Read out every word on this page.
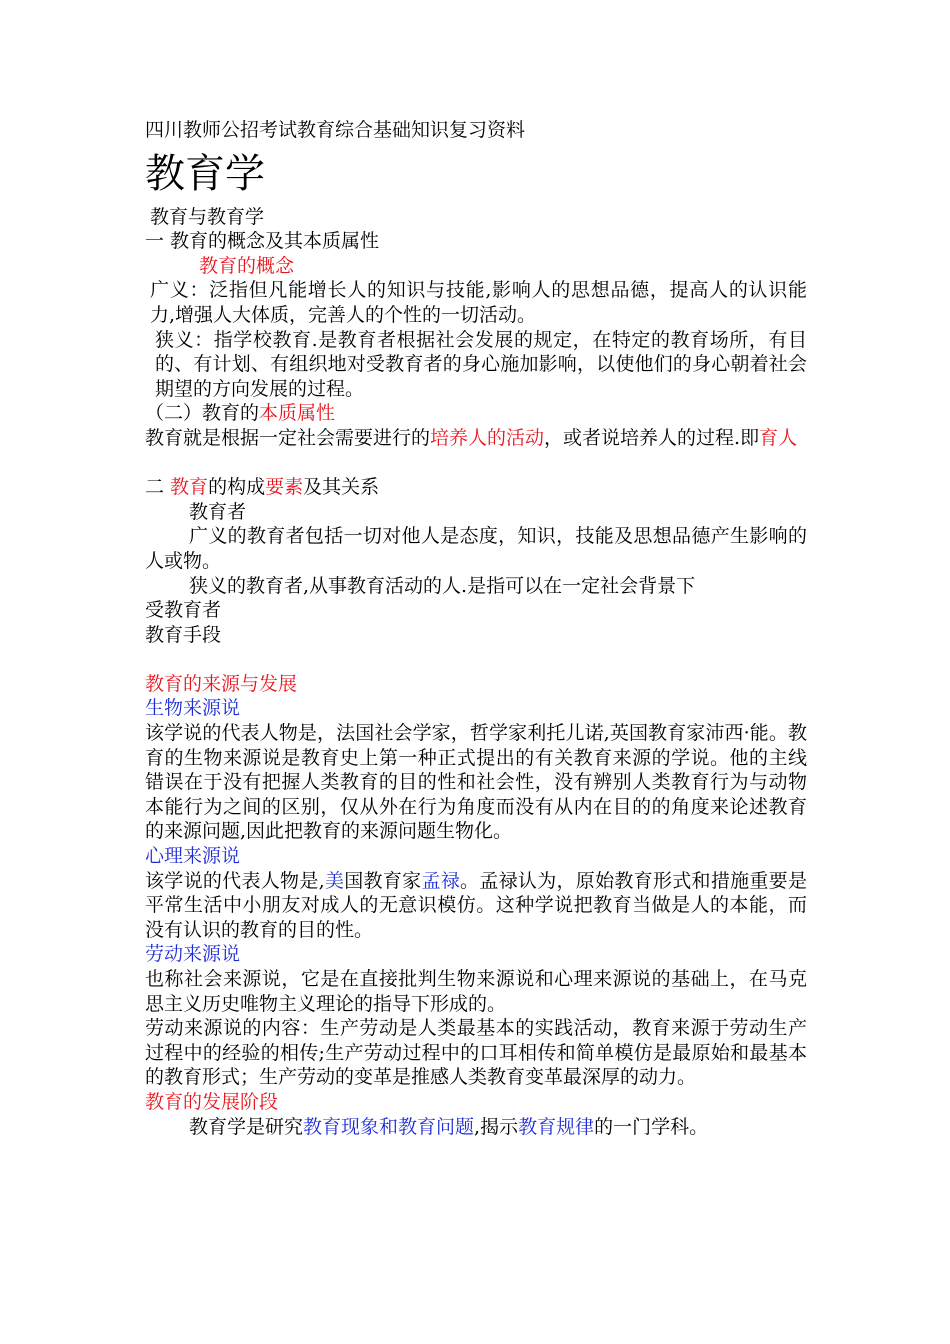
四川教师公招考试教育综合基础知识复习资料

教育学

教育与教育学

一 教育的概念及其本质属性

教育的概念

广义：泛指但凡能增长人的知识与技能,影响人的思想品德，提高人的认识能力,增强人大体质，完善人的个性的一切活动。

狭义：指学校教育.是教育者根据社会发展的规定，在特定的教育场所，有目的、有计划、有组织地对受教育者的身心施加影响，以使他们的身心朝着社会期望的方向发展的过程。

（二）教育的本质属性

教育就是根据一定社会需要进行的培养人的活动，或者说培养人的过程.即育人

二 教育的构成要素及其关系

教育者

广义的教育者包括一切对他人是态度，知识，技能及思想品德产生影响的人或物。

狭义的教育者,从事教育活动的人.是指可以在一定社会背景下

受教育者

教育手段

教育的来源与发展

生物来源说

该学说的代表人物是，法国社会学家，哲学家利托儿诺,英国教育家沛西·能。教育的生物来源说是教育史上第一种正式提出的有关教育来源的学说。他的主线错误在于没有把握人类教育的目的性和社会性，没有辨别人类教育行为与动物本能行为之间的区别，仅从外在行为角度而没有从内在目的的角度来论述教育的来源问题,因此把教育的来源问题生物化。

心理来源说

该学说的代表人物是,美国教育家孟禄。孟禄认为，原始教育形式和措施重要是平常生活中小朋友对成人的无意识模仿。这种学说把教育当做是人的本能，而没有认识的教育的目的性。

劳动来源说

也称社会来源说，它是在直接批判生物来源说和心理来源说的基础上，在马克思主义历史唯物主义理论的指导下形成的。

劳动来源说的内容：生产劳动是人类最基本的实践活动，教育来源于劳动生产过程中的经验的相传;生产劳动过程中的口耳相传和简单模仿是最原始和最基本的教育形式；生产劳动的变革是推感人类教育变革最深厚的动力。

教育的发展阶段

教育学是研究教育现象和教育问题,揭示教育规律的一门学科。
